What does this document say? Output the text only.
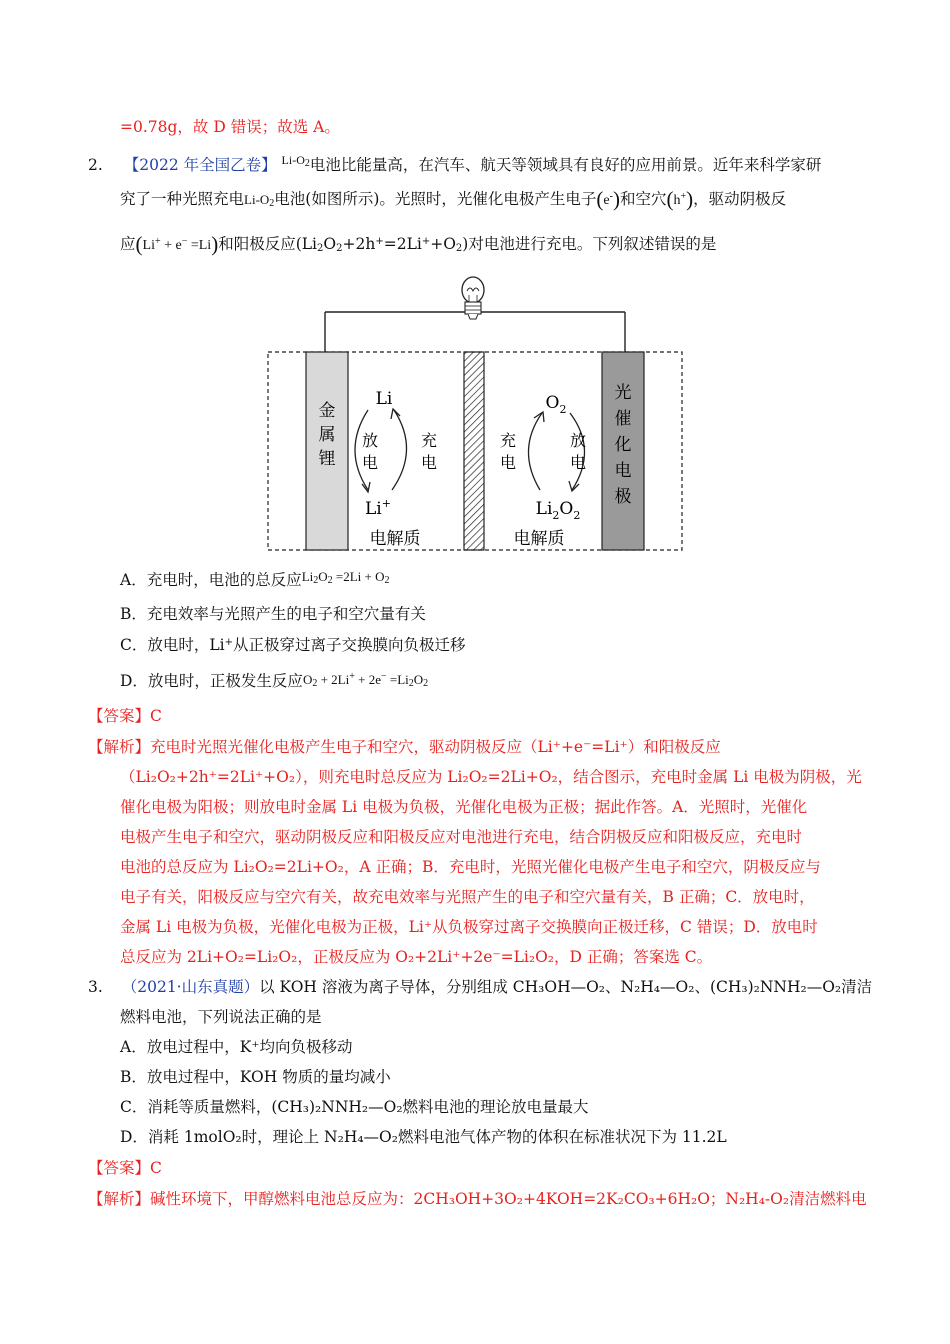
=0.78g，故 D 错误；故选 A。
2. 【2022 年全国乙卷】 $^{Li-O_2}$电池比能量高，在汽车、航天等领域具有良好的应用前景。近年来科学家研
究了一种光照充电$Li-O_2$电池(如图所示)。光照时，光催化电极产生电子(e-)和空穴(h+)，驱动阴极反
应(Li+ + e− =Li)和阳极反应$(Li_2O_2+2h^+=2Li^++O_2)$对电池进行充电。下列叙述错误的是
金
属
锂
光
催
化
电
极
Li
Li+
放
电
充
电
$O_2$
$Li_2O_2$
充
电
放
电
电解质	电解质
A．充电时，电池的总反应$^{Li_2O_2 =2Li + O_2}$
B．充电效率与光照产生的电子和空穴量有关
C．放电时，Li+从正极穿过离子交换膜向负极迁移
D．放电时，正极发生反应$O_2 + 2Li^+ + 2e^- =Li_2O_2$
【答案】C
【解析】充电时光照光催化电极产生电子和空穴，驱动阴极反应（Li⁺+e⁻=Li⁺）和阳极反应
（Li₂O₂+2h⁺=2Li⁺+O₂），则充电时总反应为 Li₂O₂=2Li+O₂，结合图示，充电时金属 Li 电极为阴极，光
催化电极为阳极；则放电时金属 Li 电极为负极，光催化电极为正极；据此作答。A．光照时，光催化
电极产生电子和空穴，驱动阴极反应和阳极反应对电池进行充电，结合阴极反应和阳极反应，充电时
电池的总反应为 Li₂O₂=2Li+O₂，A 正确；B．充电时，光照光催化电极产生电子和空穴，阴极反应与
电子有关，阳极反应与空穴有关，故充电效率与光照产生的电子和空穴量有关，B 正确；C．放电时，
金属 Li 电极为负极，光催化电极为正极，Li⁺从负极穿过离子交换膜向正极迁移，C 错误；D．放电时
总反应为 2Li+O₂=Li₂O₂，正极反应为 O₂+2Li⁺+2e⁻=Li₂O₂，D 正确；答案选 C。
3. （2021·山东真题）以 KOH 溶液为离子导体，分别组成 CH₃OH—O₂、N₂H₄—O₂、(CH₃)₂NNH₂—O₂清洁
燃料电池，下列说法正确的是
A．放电过程中，K⁺均向负极移动
B．放电过程中，KOH 物质的量均减小
C．消耗等质量燃料，(CH₃)₂NNH₂—O₂燃料电池的理论放电量最大
D．消耗 1molO₂时，理论上 N₂H₄—O₂燃料电池气体产物的体积在标准状况下为 11.2L
【答案】C
【解析】碱性环境下，甲醇燃料电池总反应为：2CH₃OH+3O₂+4KOH=2K₂CO₃+6H₂O；N₂H₄-O₂清洁燃料电
